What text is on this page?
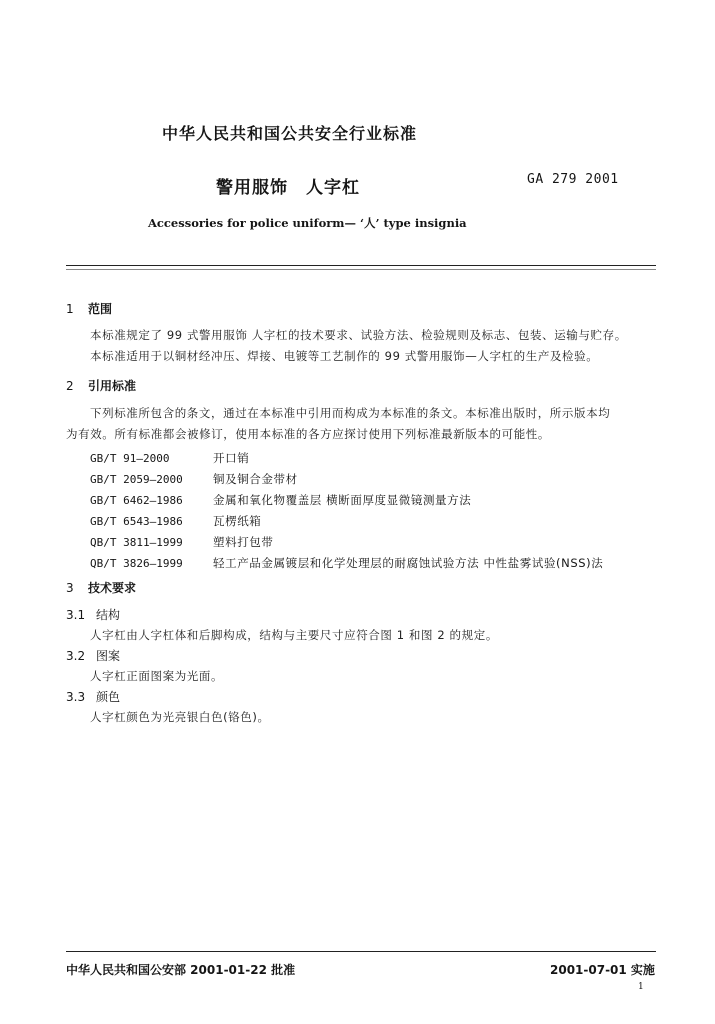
中华人民共和国公共安全行业标准
警用服饰 人字杠	GA 279 2001
Accessories for police uniform— ‘人’ type insignia
1 范围
本标准规定了 99 式警用服饰 人字杠的技术要求、试验方法、检验规则及标志、包装、运输与贮存。
本标准适用于以铜材经冲压、焊接、电镀等工艺制作的 99 式警用服饰—人字杠的生产及检验。
2 引用标准
下列标准所包含的条文，通过在本标准中引用而构成为本标准的条文。本标准出版时，所示版本均
为有效。所有标准都会被修订，使用本标准的各方应探讨使用下列标准最新版本的可能性。
GB/T 91—2000	开口销
GB/T 2059—2000	铜及铜合金带材
GB/T 6462—1986	金属和氧化物覆盖层 横断面厚度显微镜测量方法
GB/T 6543—1986	瓦楞纸箱
QB/T 3811—1999	塑料打包带
QB/T 3826—1999	轻工产品金属镀层和化学处理层的耐腐蚀试验方法 中性盐雾试验(NSS)法
3 技术要求
3.1 结构
人字杠由人字杠体和后脚构成，结构与主要尺寸应符合图 1 和图 2 的规定。
3.2 图案
人字杠正面图案为光面。
3.3 颜色
人字杠颜色为光亮银白色(铬色)。
中华人民共和国公安部 2001-01-22 批准	2001-07-01 实施
1
